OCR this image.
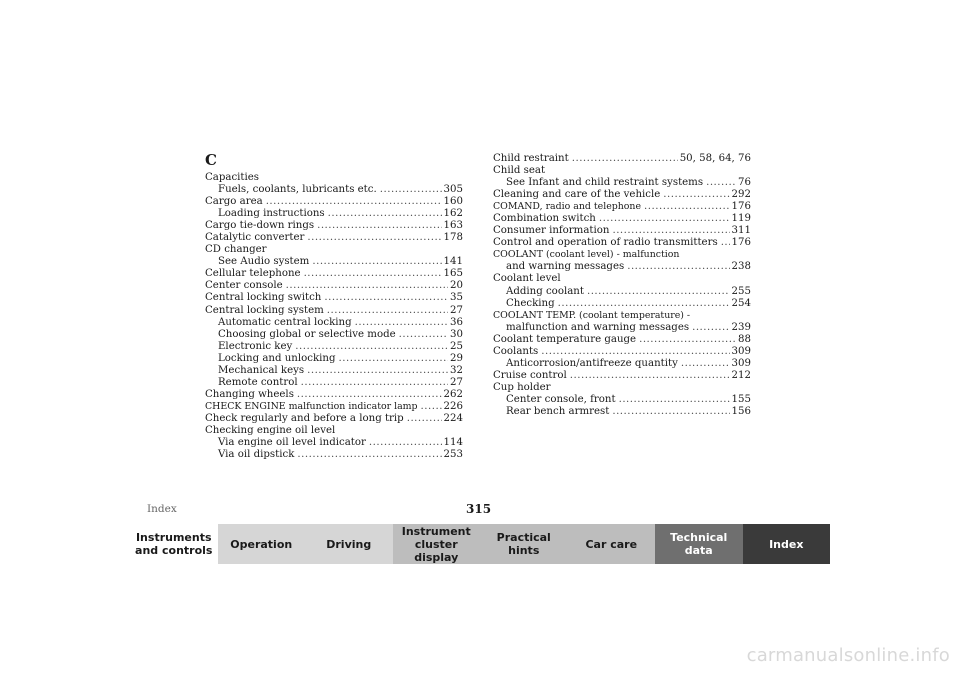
C
Capacities
Fuels, coolants, lubricants etc. .....	305
Cargo area .....	160
Loading instructions .....	162
Cargo tie-down rings .....	163
Catalytic converter .....	178
CD changer
See Audio system .....	141
Cellular telephone .....	165
Center console .....	20
Central locking switch .....	35
Central locking system .....	27
Automatic central locking .....	36
Choosing global or selective mode .....	30
Electronic key .....	25
Locking and unlocking .....	29
Mechanical keys .....	32
Remote control .....	27
Changing wheels .....	262
CHECK ENGINE malfunction indicator lamp .....	226
Check regularly and before a long trip .....	224
Checking engine oil level
Via engine oil level indicator .....	114
Via oil dipstick .....	253
Child restraint .....	50, 58, 64, 76
Child seat
See Infant and child restraint systems .....	76
Cleaning and care of the vehicle .....	292
COMAND, radio and telephone .....	176
Combination switch .....	119
Consumer information .....	311
Control and operation of radio transmitters ..... 176
COOLANT (coolant level) - malfunction
and warning messages .....	238
Coolant level
Adding coolant .....	255
Checking .....	254
COOLANT TEMP. (coolant temperature) -
malfunction and warning messages .....	239
Coolant temperature gauge .....	88
Coolants .....	309
Anticorrosion/antifreeze quantity .....	309
Cruise control .....	212
Cup holder
Center console, front .....	155
Rear bench armrest .....	156
Index	315
Instruments
and controls	Operation	Driving
Instrument
cluster display
Practical hints	Car care	Technical
data	Index
carmanualsonline.info
